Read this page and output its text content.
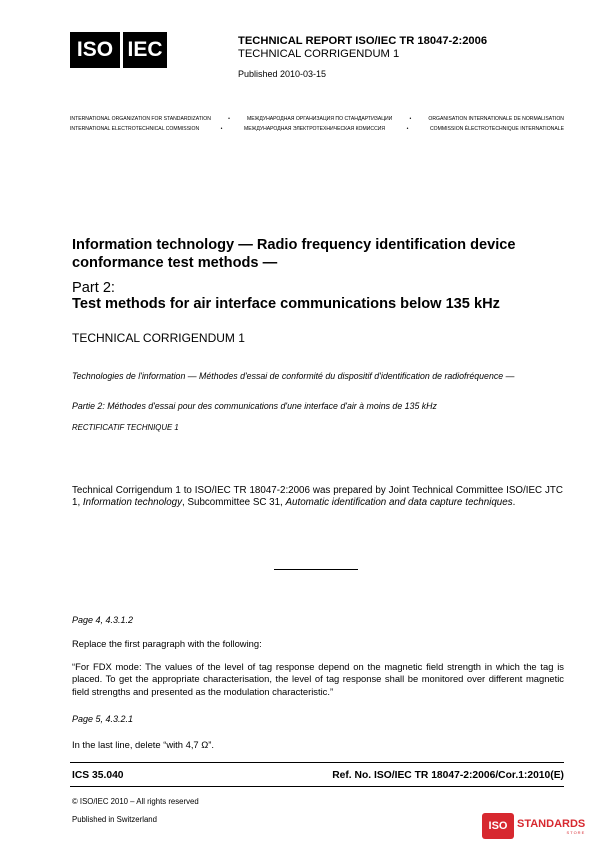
ISO IEC	TECHNICAL REPORT ISO/IEC TR 18047-2:2006
TECHNICAL CORRIGENDUM 1
Published 2010-03-15
INTERNATIONAL ORGANIZATION FOR STANDARDIZATION	•	МЕЖДУНАРОДНАЯ ОРГАНИЗАЦИЯ ПО СТАНДАРТИЗАЦИИ	•	ORGANISATION INTERNATIONALE DE NORMALISATION
INTERNATIONAL ELECTROTECHNICAL COMMISSION	•	МЕЖДУНАРОДНАЯ ЭЛЕКТРОТЕХНИЧЕСКАЯ КОМИССИЯ	•	COMMISSION ÉLECTROTECHNIQUE INTERNATIONALE
Information technology — Radio frequency identification device conformance test methods —
Part 2:
Test methods for air interface communications below 135 kHz
TECHNICAL CORRIGENDUM 1
Technologies de l'information — Méthodes d'essai de conformité du dispositif d'identification de radiofréquence —
Partie 2: Méthodes d'essai pour des communications d'une interface d'air à moins de 135 kHz
RECTIFICATIF TECHNIQUE 1
Technical Corrigendum 1 to ISO/IEC TR 18047-2:2006 was prepared by Joint Technical Committee ISO/IEC JTC 1, Information technology, Subcommittee SC 31, Automatic identification and data capture techniques.
Page 4, 4.3.1.2
Replace the first paragraph with the following:
“For FDX mode: The values of the level of tag response depend on the magnetic field strength in which the tag is placed. To get the appropriate characterisation, the level of tag response shall be monitored over different magnetic field strengths and presented as the modulation characteristic.”
Page 5, 4.3.2.1
In the last line, delete “with 4,7 Ω”.
ICS 35.040	Ref. No. ISO/IEC TR 18047-2:2006/Cor.1:2010(E)
© ISO/IEC 2010 – All rights reserved
Published in Switzerland
ISO STANDARDS
STORE
